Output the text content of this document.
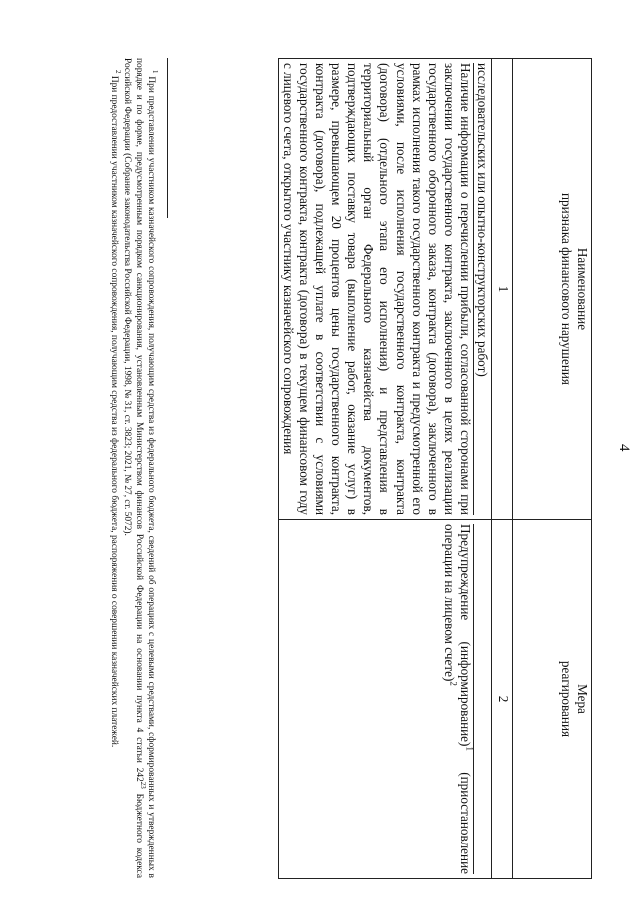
4
Наименование
признака финансового нарушения	Мера
реагирования

1	2

исследовательских или опытно-конструкторских работ)

Наличие информации о перечислении прибыли, согласованной сторонами при заключении государственного контракта, заключенного в целях реализации государственного оборонного заказа, контракта (договора), заключенного в рамках исполнения такого государственного контракта и предусмотренной его условиями, после исполнения государственного контракта, контракта (договора) (отдельного этапа его исполнения) и представления в территориальный орган Федерального казначейства документов, подтверждающих поставку товара (выполнение работ, оказание услуг) в размере, превышающем 20 процентов цены государственного контракта, контракта (договора), подлежащей уплате в соответствии с условиями государственного контракта, контракта (договора) в текущем финансовом году с лицевого счета, открытого участнику казначейского сопровождения	Предупреждение (информирование)$^1$ (приостановление операции на лицевом счете)$^2$

$^1$ При представлении участником казначейского сопровождения, получающим средства из федерального бюджета, сведений об операциях с целевыми средствами, сформированных и утвержденных в порядке и по форме, предусмотренным порядком санкционирования, установленным Министерством финансов Российской Федерации на основании пункта 4 статьи $242^{23}$ Бюджетного кодекса Российской Федерации (Собрание законодательства Российской Федерации, 1998, № 31, ст. 3823; 2021, № 27, ст. 5072).

$^2$ При предоставлении участником казначейского сопровождения, получающим средства из федерального бюджета, распоряжения о совершении казначейских платежей.
